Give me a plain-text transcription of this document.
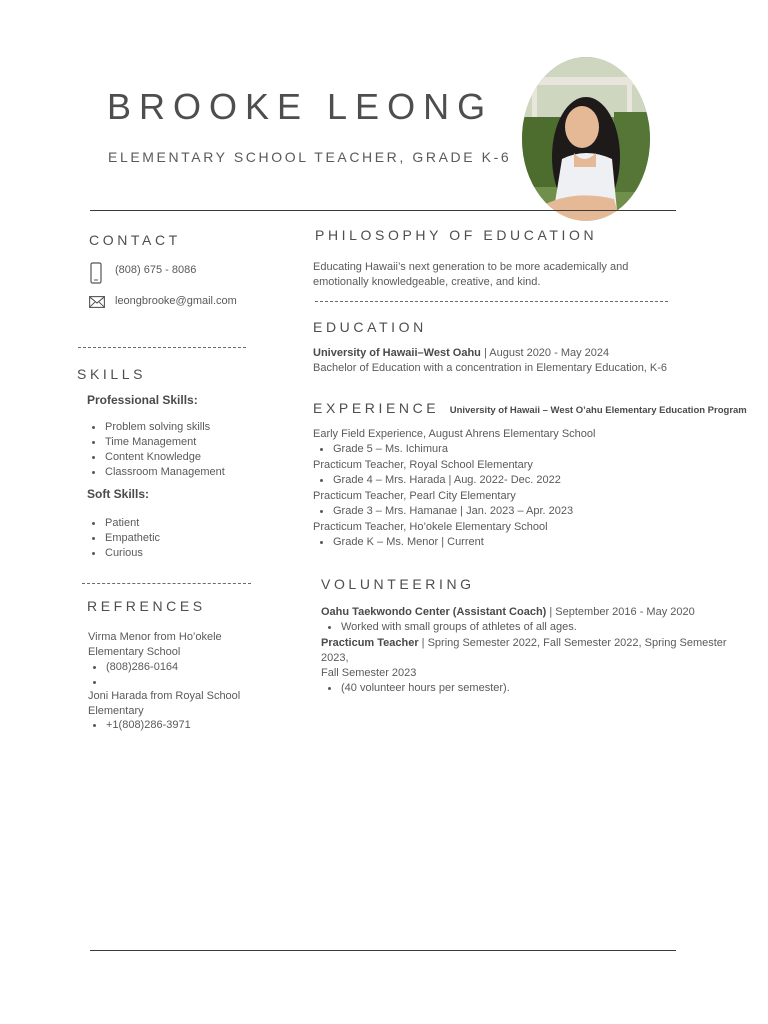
BROOKE LEONG
ELEMENTARY SCHOOL TEACHER, GRADE K-6
CONTACT
(808) 675 - 8086
leongbrooke@gmail.com
SKILLS
Professional Skills:
Problem solving skills
Time Management
Content Knowledge
Classroom Management
Soft Skills:
Patient
Empathetic
Curious
REFRENCES
Virma Menor from Ho’okele
Elementary School
(808)286-0164

Joni Harada from Royal School
Elementary
+1(808)286-3971
PHILOSOPHY OF EDUCATION
Educating Hawaii’s next generation to be more academically and
emotionally knowledgeable, creative, and kind.
EDUCATION
University of Hawaii–West Oahu | August 2020 - May 2024
Bachelor of Education with a concentration in Elementary Education, K-6
EXPERIENCE University of Hawaii – West O’ahu Elementary Education Program
Early Field Experience, August Ahrens Elementary School
Grade 5 – Ms. Ichimura
Practicum Teacher, Royal School Elementary
Grade 4 – Mrs. Harada | Aug. 2022- Dec. 2022
Practicum Teacher, Pearl City Elementary
Grade 3 – Mrs. Hamanae | Jan. 2023 – Apr. 2023
Practicum Teacher, Ho’okele Elementary School
Grade K – Ms. Menor | Current
VOLUNTEERING
Oahu Taekwondo Center (Assistant Coach) | September 2016 - May 2020
Worked with small groups of athletes of all ages.
Practicum Teacher | Spring Semester 2022, Fall Semester 2022, Spring Semester 2023,
Fall Semester 2023
(40 volunteer hours per semester).
